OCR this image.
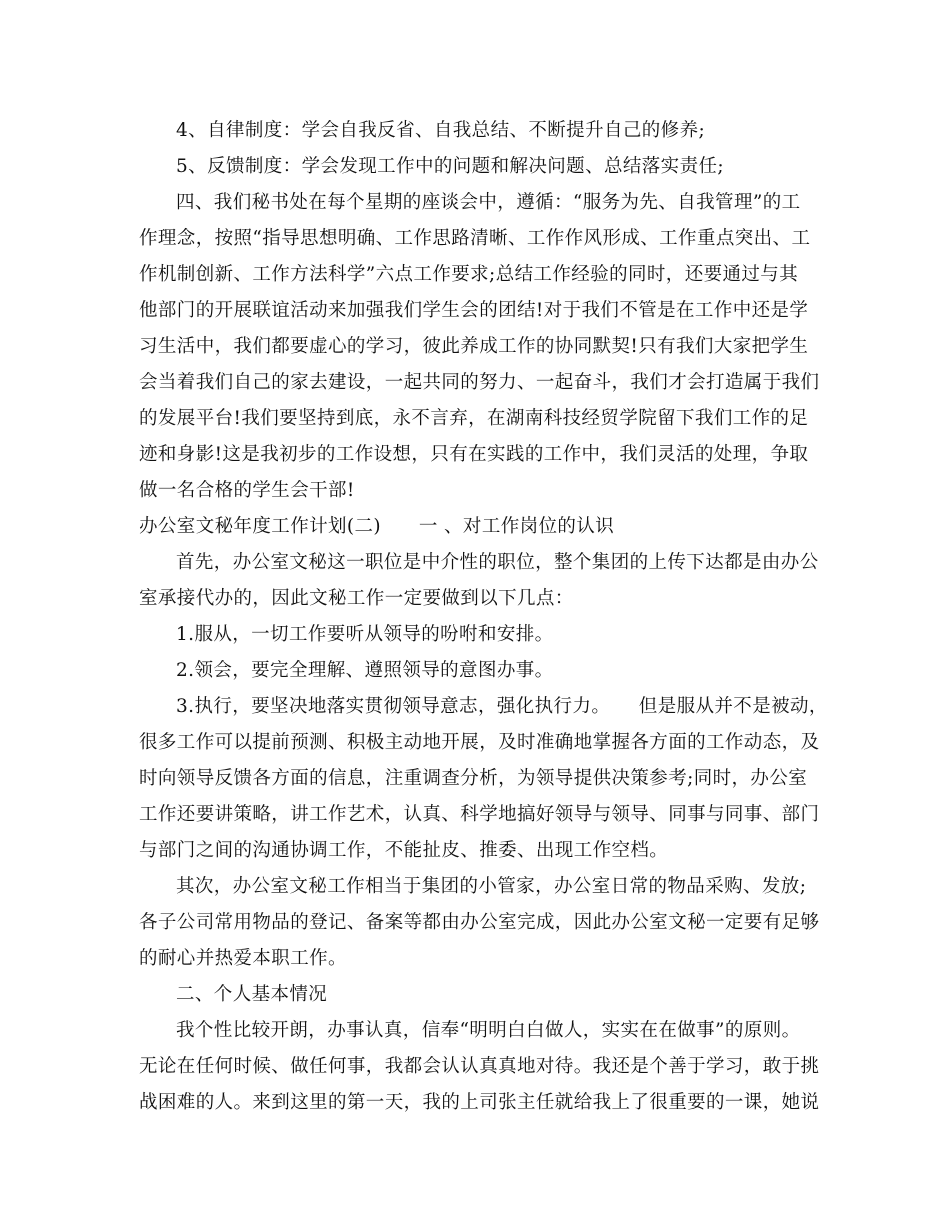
4、自律制度：学会自我反省、自我总结、不断提升自己的修养;
5、反馈制度：学会发现工作中的问题和解决问题、总结落实责任;
四、我们秘书处在每个星期的座谈会中，遵循：“服务为先、自我管理”的工
作理念，按照“指导思想明确、工作思路清晰、工作作风形成、工作重点突出、工
作机制创新、工作方法科学”六点工作要求;总结工作经验的同时，还要通过与其
他部门的开展联谊活动来加强我们学生会的团结!对于我们不管是在工作中还是学
习生活中，我们都要虚心的学习，彼此养成工作的协同默契!只有我们大家把学生
会当着我们自己的家去建设，一起共同的努力、一起奋斗，我们才会打造属于我们
的发展平台!我们要坚持到底，永不言弃，在湖南科技经贸学院留下我们工作的足
迹和身影!这是我初步的工作设想，只有在实践的工作中，我们灵活的处理，争取
做一名合格的学生会干部!
办公室文秘年度工作计划(二)　　一 、对工作岗位的认识
首先，办公室文秘这一职位是中介性的职位，整个集团的上传下达都是由办公
室承接代办的，因此文秘工作一定要做到以下几点：
1.服从，一切工作要听从领导的吩咐和安排。
2.领会，要完全理解、遵照领导的意图办事。
3.执行，要坚决地落实贯彻领导意志，强化执行力。　　但是服从并不是被动，
很多工作可以提前预测、积极主动地开展，及时准确地掌握各方面的工作动态，及
时向领导反馈各方面的信息，注重调查分析，为领导提供决策参考;同时，办公室
工作还要讲策略，讲工作艺术，认真、科学地搞好领导与领导、同事与同事、部门
与部门之间的沟通协调工作，不能扯皮、推委、出现工作空档。
其次，办公室文秘工作相当于集团的小管家，办公室日常的物品采购、发放;
各子公司常用物品的登记、备案等都由办公室完成，因此办公室文秘一定要有足够
的耐心并热爱本职工作。
二、个人基本情况
我个性比较开朗，办事认真，信奉“明明白白做人，实实在在做事”的原则。
无论在任何时候、做任何事，我都会认认真真地对待。我还是个善于学习，敢于挑
战困难的人。来到这里的第一天，我的上司张主任就给我上了很重要的一课，她说
